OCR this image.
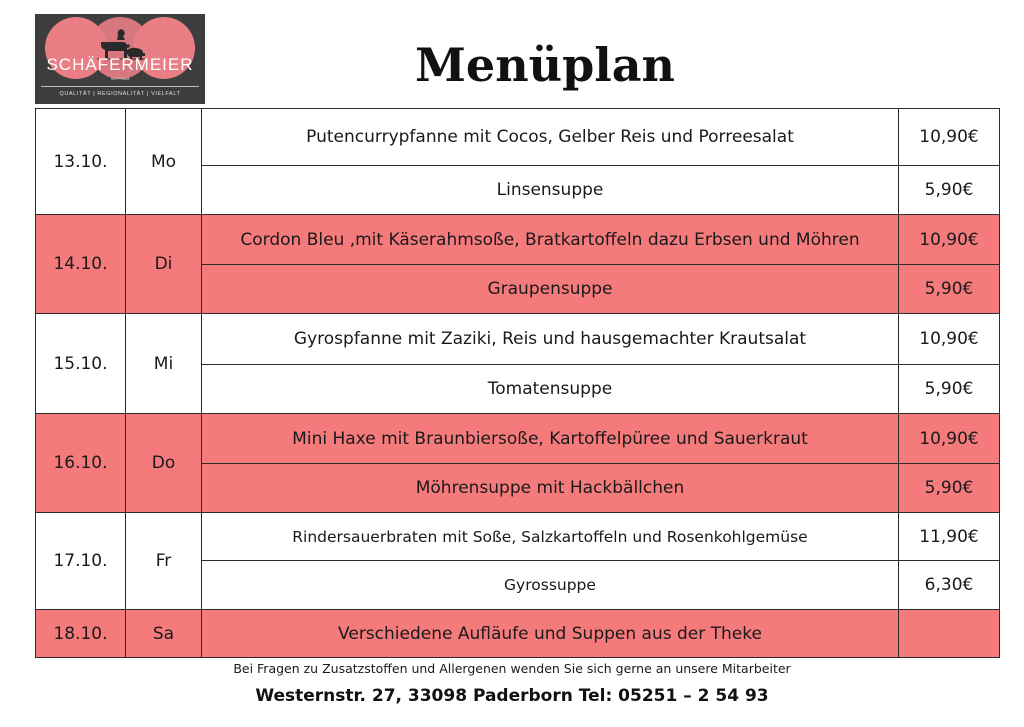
SCHÄFERMEIER
SEIT 1965
QUALITÄT | REGIONALITÄT | VIELFALT
Menüplan
13.10.	Mo	Putencurrypfanne mit Cocos, Gelber Reis und Porreesalat	10,90€
		Linsensuppe	5,90€
14.10.	Di	Cordon Bleu ,mit Käserahmsoße, Bratkartoffeln dazu Erbsen und Möhren	10,90€
		Graupensuppe	5,90€
15.10.	Mi	Gyrospfanne mit Zaziki, Reis und hausgemachter Krautsalat	10,90€
		Tomatensuppe	5,90€
16.10.	Do	Mini Haxe mit Braunbiersoße, Kartoffelpüree und Sauerkraut	10,90€
		Möhrensuppe mit Hackbällchen	5,90€
17.10.	Fr	Rindersauerbraten mit Soße, Salzkartoffeln und Rosenkohlgemüse	11,90€
		Gyrossuppe	6,30€
18.10.	Sa	Verschiedene Aufläufe und Suppen aus der Theke	
Bei Fragen zu Zusatzstoffen und Allergenen wenden Sie sich gerne an unsere Mitarbeiter
Westernstr. 27, 33098 Paderborn Tel: 05251 – 2 54 93
